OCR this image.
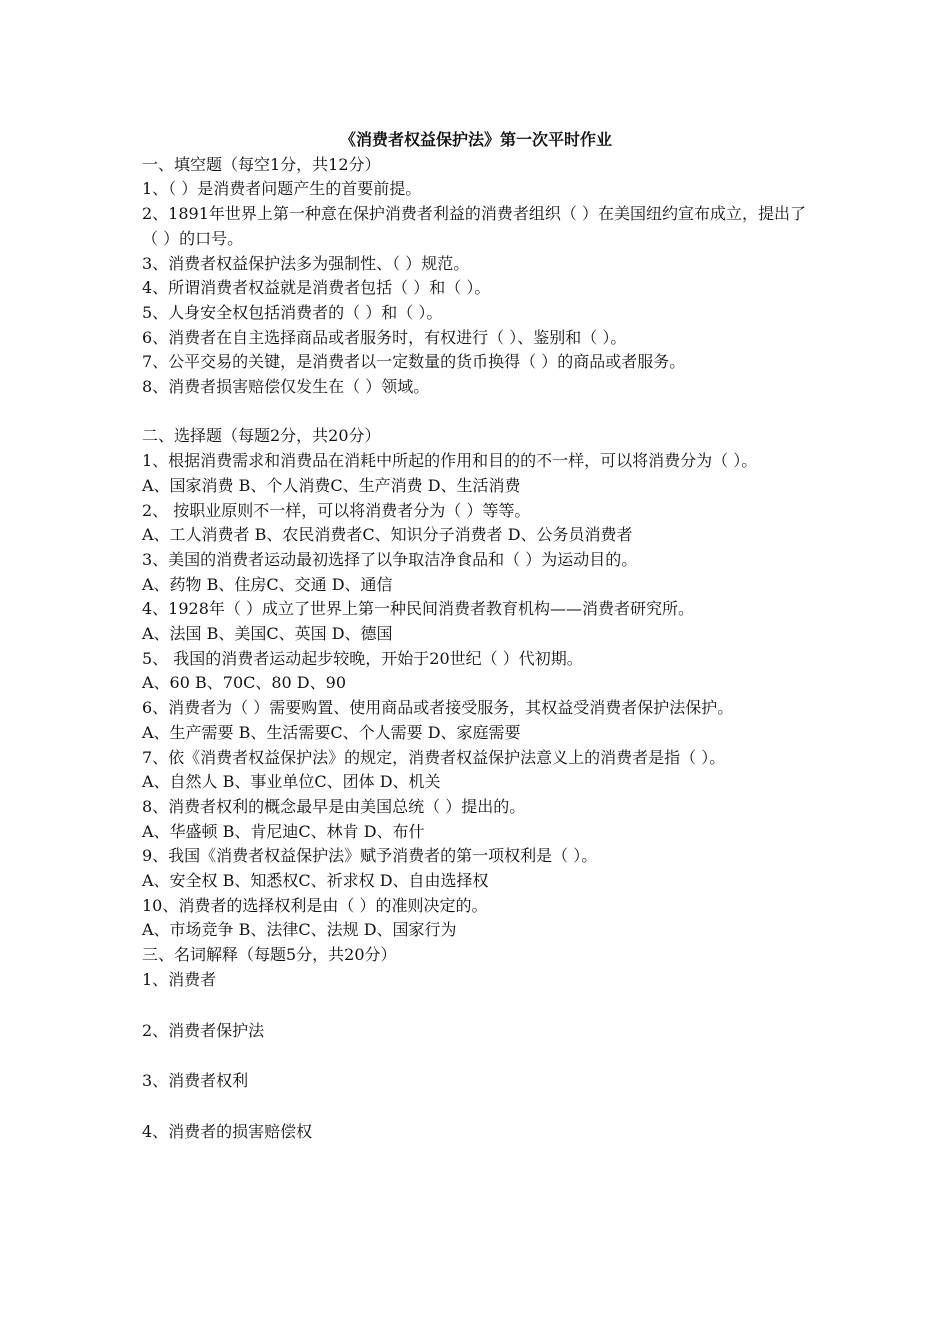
《消费者权益保护法》第一次平时作业

一、填空题（每空1分，共12分）

1、（ ）是消费者问题产生的首要前提。

2、1891年世界上第一种意在保护消费者利益的消费者组织（ ）在美国纽约宣布成立，提出了（ ）的口号。

3、消费者权益保护法多为强制性、（ ）规范。

4、所谓消费者权益就是消费者包括（ ）和（ ）。

5、人身安全权包括消费者的（ ）和（ ）。

6、消费者在自主选择商品或者服务时，有权进行（ ）、鉴别和（ ）。

7、公平交易的关键，是消费者以一定数量的货币换得（ ）的商品或者服务。

8、消费者损害赔偿仅发生在（ ）领域。

二、选择题（每题2分，共20分）

1、根据消费需求和消费品在消耗中所起的作用和目的的不一样，可以将消费分为（ ）。

A、国家消费 B、个人消费C、生产消费 D、生活消费

2、 按职业原则不一样，可以将消费者分为（ ）等等。

A、工人消费者 B、农民消费者C、知识分子消费者 D、公务员消费者

3、美国的消费者运动最初选择了以争取洁净食品和（ ）为运动目的。

A、药物 B、住房C、交通 D、通信

4、1928年（ ）成立了世界上第一种民间消费者教育机构——消费者研究所。

A、法国 B、美国C、英国 D、德国

5、 我国的消费者运动起步较晚，开始于20世纪（ ）代初期。

A、60 B、70C、80 D、90

6、消费者为（ ）需要购置、使用商品或者接受服务，其权益受消费者保护法保护。

A、生产需要 B、生活需要C、个人需要 D、家庭需要

7、依《消费者权益保护法》的规定，消费者权益保护法意义上的消费者是指（ ）。

A、自然人 B、事业单位C、团体 D、机关

8、消费者权利的概念最早是由美国总统（ ）提出的。

A、华盛顿 B、肯尼迪C、林肯 D、布什

9、我国《消费者权益保护法》赋予消费者的第一项权利是（ ）。

A、安全权 B、知悉权C、祈求权 D、自由选择权

10、消费者的选择权利是由（ ）的准则决定的。

A、市场竞争 B、法律C、法规 D、国家行为

三、名词解释（每题5分，共20分）

1、消费者

2、消费者保护法

3、消费者权利

4、消费者的损害赔偿权
